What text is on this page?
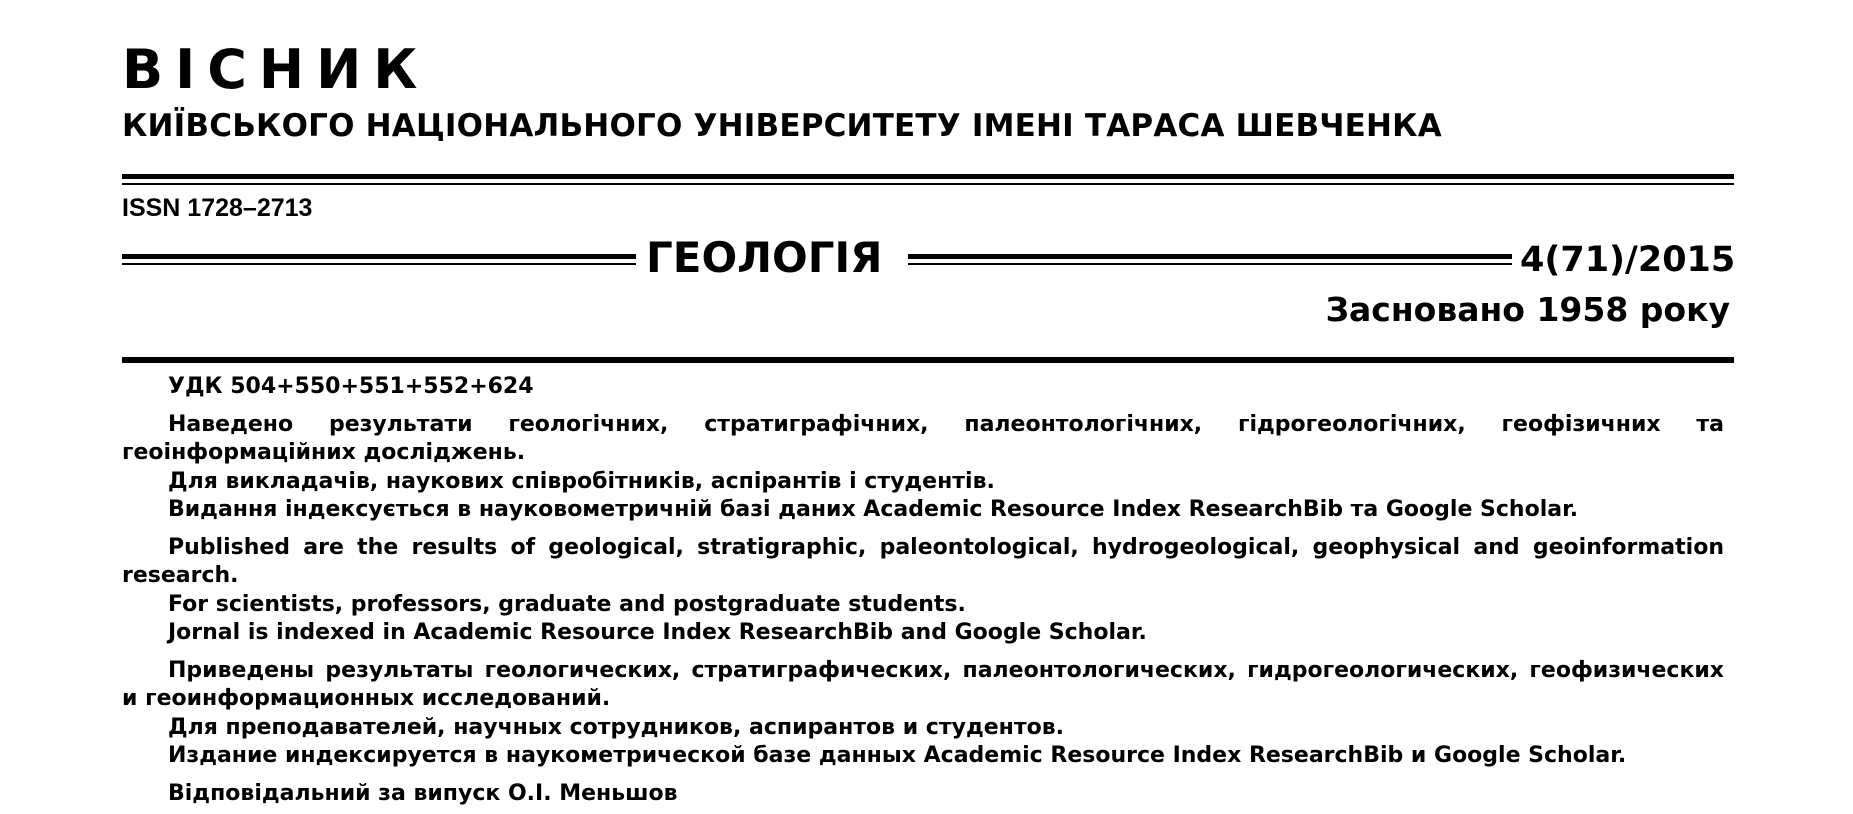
ВІСНИК
КИЇВСЬКОГО НАЦІОНАЛЬНОГО УНІВЕРСИТЕТУ ІМЕНІ ТАРАСА ШЕВЧЕНКА
ISSN 1728–2713
ГЕОЛОГІЯ	4(71)/2015
Засновано 1958 року

УДК 504+550+551+552+624

Наведено результати геологічних, стратиграфічних, палеонтологічних, гідрогеологічних, геофізичних та геоінформаційних досліджень.

Для викладачів, наукових співробітників, аспірантів і студентів.

Видання індексується в науковометричній базі даних Academic Resource Index ResearchBib та Google Scholar.

Published are the results of geological, stratigraphic, paleontological, hydrogeological, geophysical and geoinformation research.

For scientists, professors, graduate and postgraduate students.

Jornal is indexed in Academic Resource Index ResearchBib and Google Scholar.

Приведены результаты геологических, стратиграфических, палеонтологических, гидрогеологических, геофизических и геоинформационных исследований.

Для преподавателей, научных сотрудников, аспирантов и студентов.

Издание индексируется в наукометрической базе данных Academic Resource Index ResearchBib и Google Scholar.

Відповідальний за випуск О.І. Меньшов
